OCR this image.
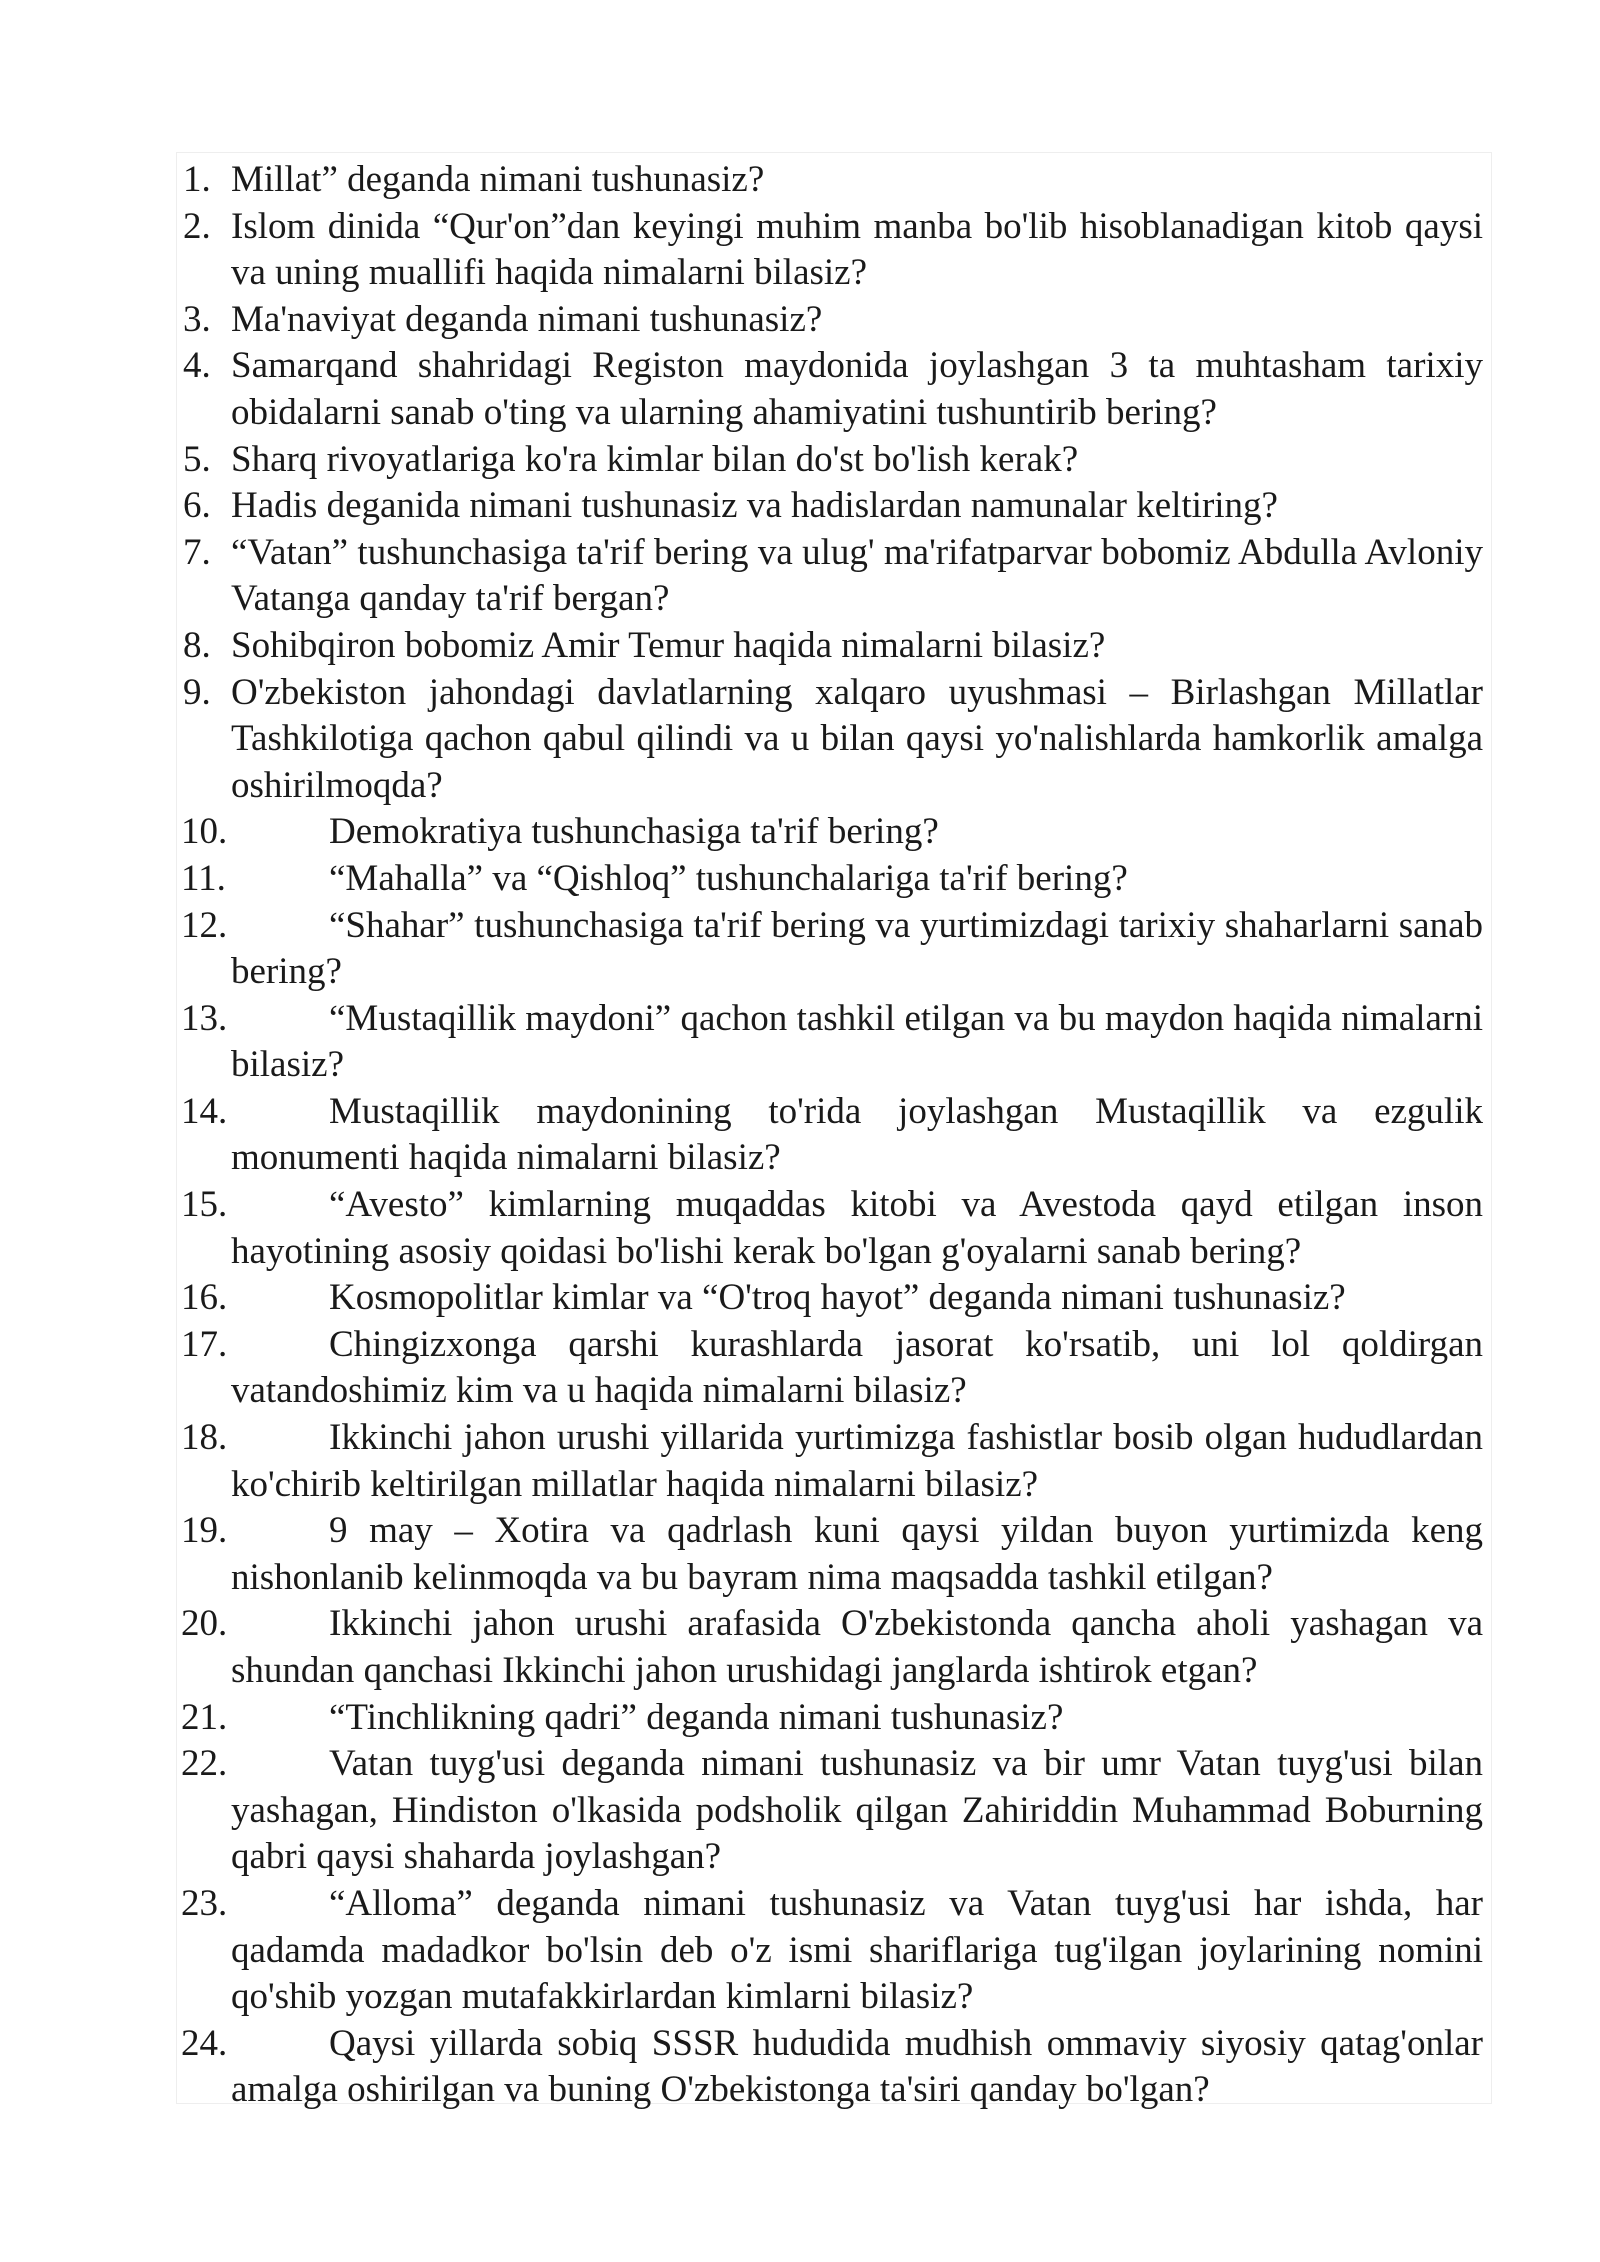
1. Millat” deganda nimani tushunasiz?
2. Islom dinida “Qur'on”dan keyingi muhim manba bo'lib hisoblanadigan kitob qaysi va uning muallifi haqida nimalarni bilasiz?
3. Ma'naviyat deganda nimani tushunasiz?
4. Samarqand shahridagi Registon maydonida joylashgan 3 ta muhtasham tarixiy obidalarni sanab o'ting va ularning ahamiyatini tushuntirib bering?
5. Sharq rivoyatlariga ko'ra kimlar bilan do'st bo'lish kerak?
6. Hadis deganida nimani tushunasiz va hadislardan namunalar keltiring?
7. “Vatan” tushunchasiga ta'rif bering va ulug' ma'rifatparvar bobomiz Abdulla Avloniy Vatanga qanday ta'rif bergan?
8. Sohibqiron bobomiz Amir Temur haqida nimalarni bilasiz?
9. O'zbekiston jahondagi davlatlarning xalqaro uyushmasi – Birlashgan Millatlar Tashkilotiga qachon qabul qilindi va u bilan qaysi yo'nalishlarda hamkorlik amalga oshirilmoqda?
10.	Demokratiya tushunchasiga ta'rif bering?
11.	“Mahalla” va “Qishloq” tushunchalariga ta'rif bering?
12.	“Shahar” tushunchasiga ta'rif bering va yurtimizdagi tarixiy shaharlarni sanab bering?
13.	“Mustaqillik maydoni” qachon tashkil etilgan va bu maydon haqida nimalarni bilasiz?
14.	Mustaqillik maydonining to'rida joylashgan Mustaqillik va ezgulik monumenti haqida nimalarni bilasiz?
15.	“Avesto” kimlarning muqaddas kitobi va Avestoda qayd etilgan inson hayotining asosiy qoidasi bo'lishi kerak bo'lgan g'oyalarni sanab bering?
16.	Kosmopolitlar kimlar va “O'troq hayot” deganda nimani tushunasiz?
17.	Chingizxonga qarshi kurashlarda jasorat ko'rsatib, uni lol qoldirgan vatandoshimiz kim va u haqida nimalarni bilasiz?
18.	Ikkinchi jahon urushi yillarida yurtimizga fashistlar bosib olgan hududlardan ko'chirib keltirilgan millatlar haqida nimalarni bilasiz?
19.	9 may – Xotira va qadrlash kuni qaysi yildan buyon yurtimizda keng nishonlanib kelinmoqda va bu bayram nima maqsadda tashkil etilgan?
20.	Ikkinchi jahon urushi arafasida O'zbekistonda qancha aholi yashagan va shundan qanchasi Ikkinchi jahon urushidagi janglarda ishtirok etgan?
21.	“Tinchlikning qadri” deganda nimani tushunasiz?
22.	Vatan tuyg'usi deganda nimani tushunasiz va bir umr Vatan tuyg'usi bilan yashagan, Hindiston o'lkasida podsholik qilgan Zahiriddin Muhammad Boburning qabri qaysi shaharda joylashgan?
23.	“Alloma” deganda nimani tushunasiz va Vatan tuyg'usi har ishda, har qadamda madadkor bo'lsin deb o'z ismi shariflariga tug'ilgan joylarining nomini qo'shib yozgan mutafakkirlardan kimlarni bilasiz?
24.	Qaysi yillarda sobiq SSSR hududida mudhish ommaviy siyosiy qatag'onlar amalga oshirilgan va buning O'zbekistonga ta'siri qanday bo'lgan?
